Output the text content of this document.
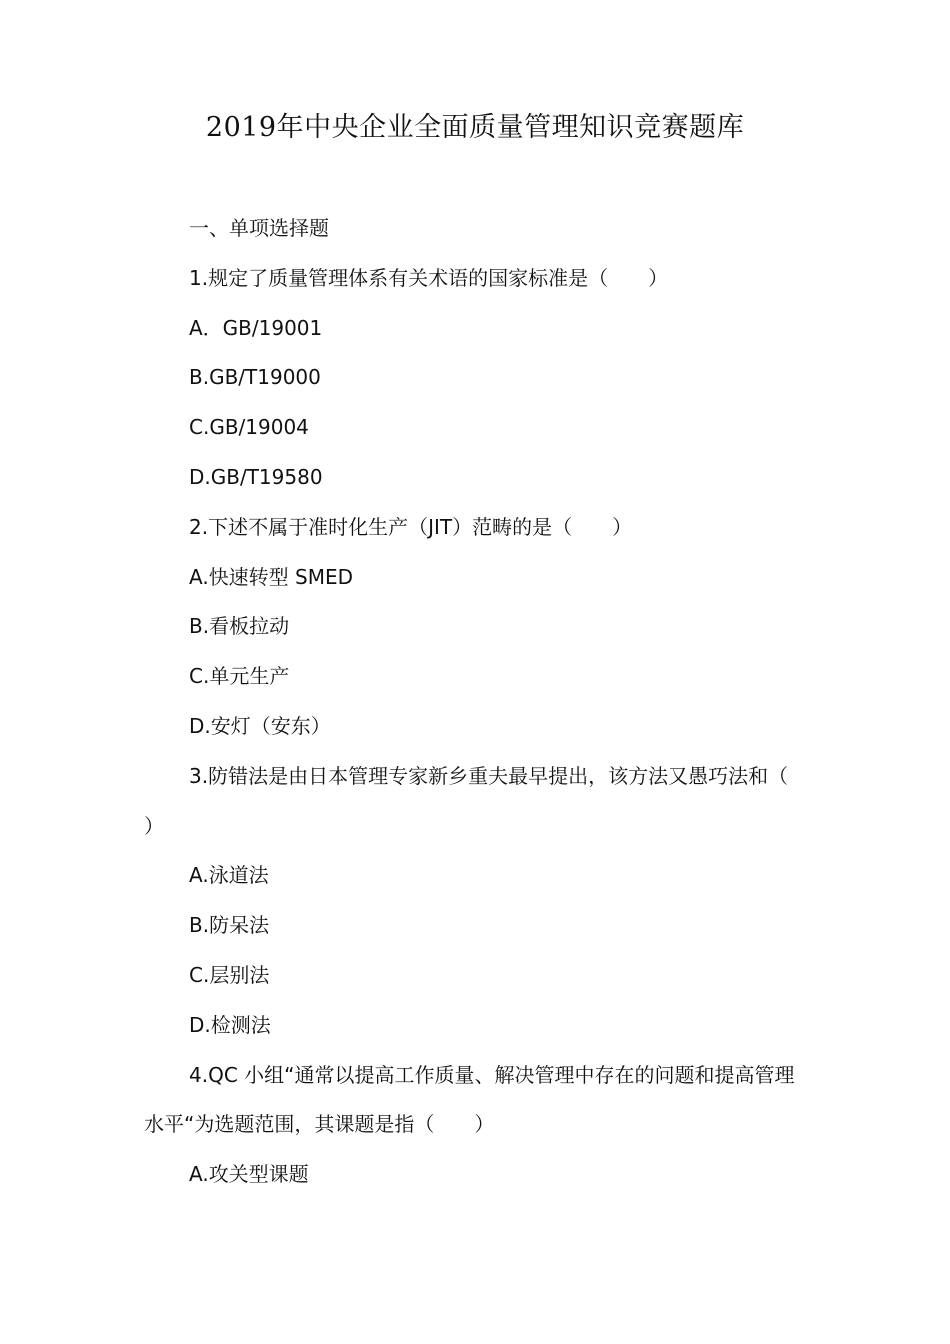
2019年中央企业全面质量管理知识竞赛题库

一、单项选择题

1.规定了质量管理体系有关术语的国家标准是（　　）

A．GB/19001

B.GB/T19000

C.GB/19004

D.GB/T19580

2.下述不属于准时化生产（JIT）范畴的是（　　）

A.快速转型 SMED

B.看板拉动

C.单元生产

D.安灯（安东）

3.防错法是由日本管理专家新乡重夫最早提出，该方法又愚巧法和（　　）

A.泳道法

B.防呆法

C.层别法

D.检测法

4.QC 小组“通常以提高工作质量、解决管理中存在的问题和提高管理水平“为选题范围，其课题是指（　　）

A.攻关型课题
